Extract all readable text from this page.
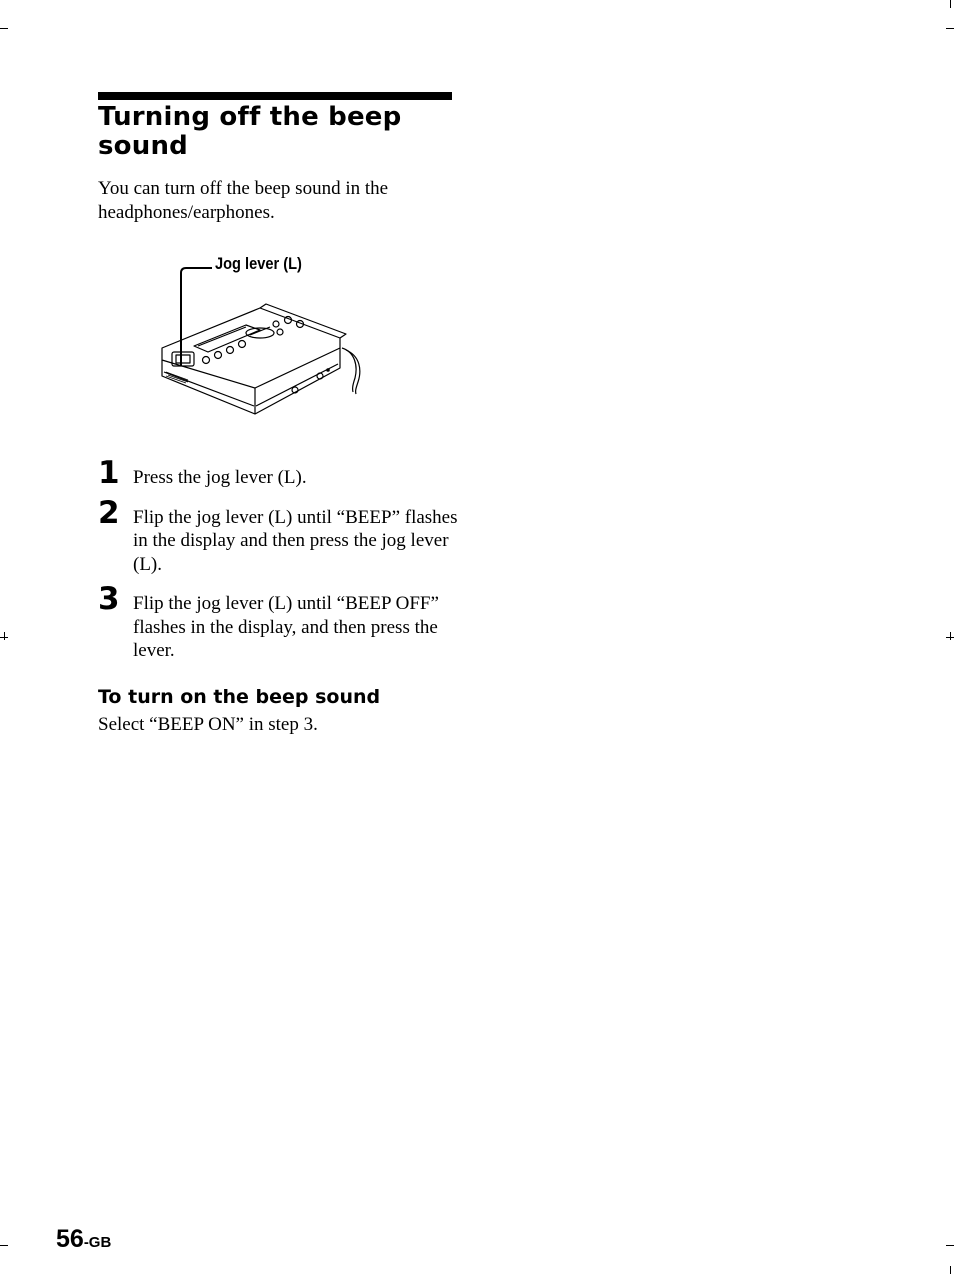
Turning off the beep sound

You can turn off the beep sound in the headphones/earphones.

Jog lever (L)
1 Press the jog lever (L).
2 Flip the jog lever (L) until “BEEP” flashes in the display and then press the jog lever (L).
3 Flip the jog lever (L) until “BEEP OFF” flashes in the display, and then press the lever.
To turn on the beep sound

Select “BEEP ON” in step 3.

56-GB
